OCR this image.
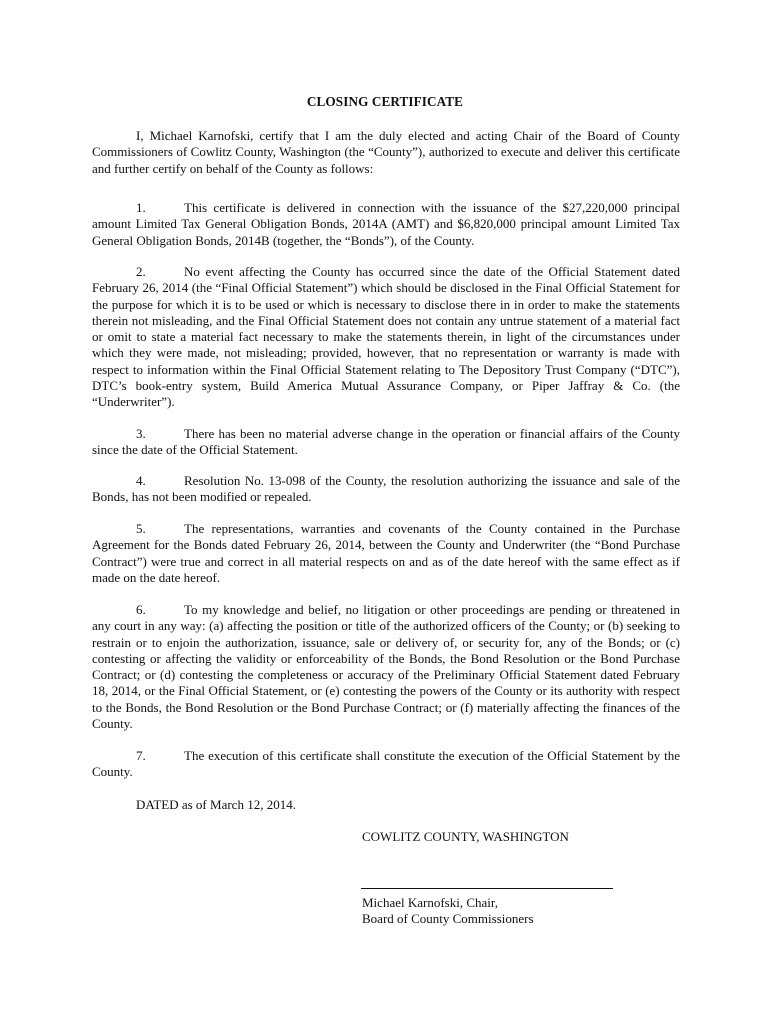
CLOSING CERTIFICATE
I, Michael Karnofski, certify that I am the duly elected and acting Chair of the Board of County Commissioners of Cowlitz County, Washington (the “County”), authorized to execute and deliver this certificate and further certify on behalf of the County as follows:
1.	This certificate is delivered in connection with the issuance of the $27,220,000 principal amount Limited Tax General Obligation Bonds, 2014A (AMT) and $6,820,000 principal amount Limited Tax General Obligation Bonds, 2014B (together, the “Bonds”), of the County.
2.	No event affecting the County has occurred since the date of the Official Statement dated February 26, 2014 (the “Final Official Statement”) which should be disclosed in the Final Official Statement for the purpose for which it is to be used or which is necessary to disclose there in in order to make the statements therein not misleading, and the Final Official Statement does not contain any untrue statement of a material fact or omit to state a material fact necessary to make the statements therein, in light of the circumstances under which they were made, not misleading; provided, however, that no representation or warranty is made with respect to information within the Final Official Statement relating to The Depository Trust Company (“DTC”), DTC’s book-entry system, Build America Mutual Assurance Company, or Piper Jaffray & Co. (the “Underwriter”).
3.	There has been no material adverse change in the operation or financial affairs of the County since the date of the Official Statement.
4.	Resolution No. 13-098 of the County, the resolution authorizing the issuance and sale of the Bonds, has not been modified or repealed.
5.	The representations, warranties and covenants of the County contained in the Purchase Agreement for the Bonds dated February 26, 2014, between the County and Underwriter (the “Bond Purchase Contract”) were true and correct in all material respects on and as of the date hereof with the same effect as if made on the date hereof.
6.	To my knowledge and belief, no litigation or other proceedings are pending or threatened in any court in any way: (a) affecting the position or title of the authorized officers of the County; or (b) seeking to restrain or to enjoin the authorization, issuance, sale or delivery of, or security for, any of the Bonds; or (c) contesting or affecting the validity or enforceability of the Bonds, the Bond Resolution or the Bond Purchase Contract; or (d) contesting the completeness or accuracy of the Preliminary Official Statement dated February 18, 2014, or the Final Official Statement, or (e) contesting the powers of the County or its authority with respect to the Bonds, the Bond Resolution or the Bond Purchase Contract; or (f) materially affecting the finances of the County.
7.	The execution of this certificate shall constitute the execution of the Official Statement by the County.
DATED as of March 12, 2014.
COWLITZ COUNTY, WASHINGTON
Michael Karnofski, Chair,
Board of County Commissioners
